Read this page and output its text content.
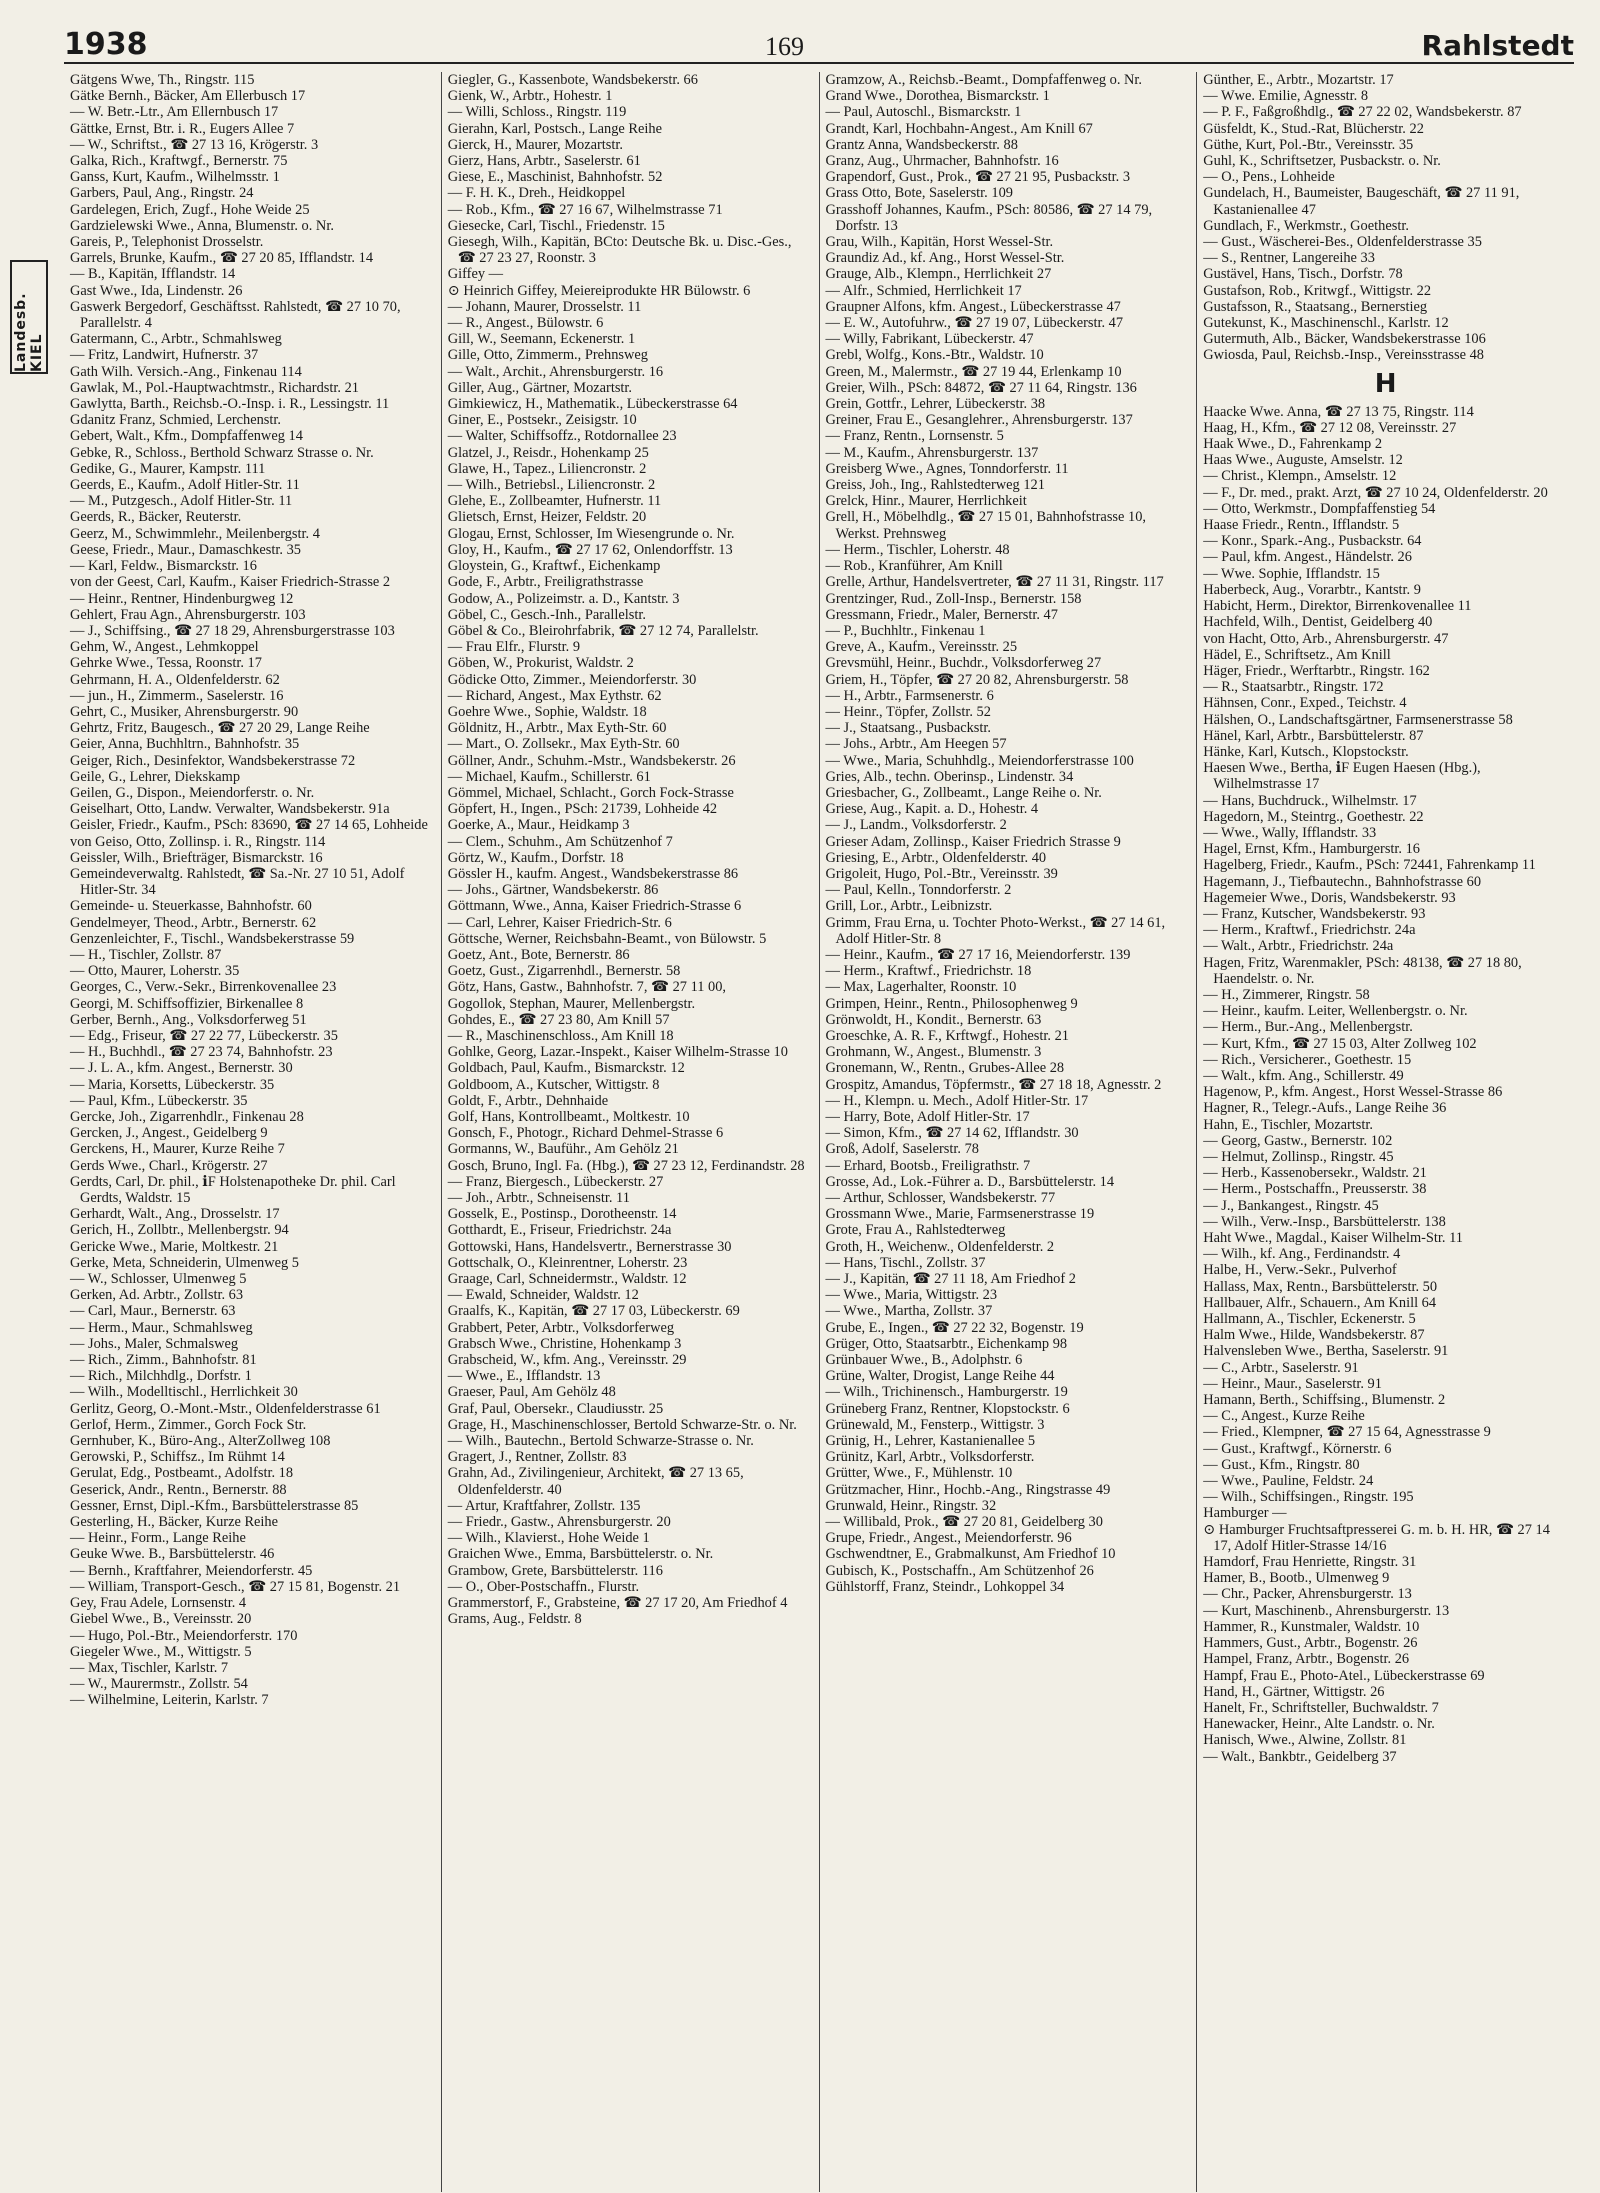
Landesb. KIEL
1938	169	Rahlstedt

Gätgens Wwe, Th., Ringstr. 115

Gätke Bernh., Bäcker, Am Ellerbusch 17

— W. Betr.-Ltr., Am Ellernbusch 17

Gättke, Ernst, Btr. i. R., Eugers Allee 7

— W., Schriftst., ☎ 27 13 16, Krögerstr. 3

Galka, Rich., Kraftwgf., Bernerstr. 75

Ganss, Kurt, Kaufm., Wilhelmsstr. 1

Garbers, Paul, Ang., Ringstr. 24

Gardelegen, Erich, Zugf., Hohe Weide 25

Gardzielewski Wwe., Anna, Blumenstr. o. Nr.

Gareis, P., Telephonist Drosselstr.

Garrels, Brunke, Kaufm., ☎ 27 20 85, Ifflandstr. 14

— B., Kapitän, Ifflandstr. 14

Gast Wwe., Ida, Lindenstr. 26

Gaswerk Bergedorf, Geschäftsst. Rahlstedt, ☎ 27 10 70, Parallelstr. 4

Gatermann, C., Arbtr., Schmahlsweg

— Fritz, Landwirt, Hufnerstr. 37

Gath Wilh. Versich.-Ang., Finkenau 114

Gawlak, M., Pol.-Hauptwachtmstr., Richardstr. 21

Gawlytta, Barth., Reichsb.-O.-Insp. i. R., Lessingstr. 11

Gdanitz Franz, Schmied, Lerchenstr.

Gebert, Walt., Kfm., Dompfaffenweg 14

Gebke, R., Schloss., Berthold Schwarz Strasse o. Nr.

Gedike, G., Maurer, Kampstr. 111

Geerds, E., Kaufm., Adolf Hitler-Str. 11

— M., Putzgesch., Adolf Hitler-Str. 11

Geerds, R., Bäcker, Reuterstr.

Geerz, M., Schwimmlehr., Meilenbergstr. 4

Geese, Friedr., Maur., Damaschkestr. 35

— Karl, Feldw., Bismarckstr. 16

von der Geest, Carl, Kaufm., Kaiser Friedrich-Strasse 2

— Heinr., Rentner, Hindenburgweg 12

Gehlert, Frau Agn., Ahrensburgerstr. 103

— J., Schiffsing., ☎ 27 18 29, Ahrensburgerstrasse 103

Gehm, W., Angest., Lehmkoppel

Gehrke Wwe., Tessa, Roonstr. 17

Gehrmann, H. A., Oldenfelderstr. 62

— jun., H., Zimmerm., Saselerstr. 16

Gehrt, C., Musiker, Ahrensburgerstr. 90

Gehrtz, Fritz, Baugesch., ☎ 27 20 29, Lange Reihe

Geier, Anna, Buchhltrn., Bahnhofstr. 35

Geiger, Rich., Desinfektor, Wandsbekerstrasse 72

Geile, G., Lehrer, Diekskamp

Geilen, G., Dispon., Meiendorferstr. o. Nr.

Geiselhart, Otto, Landw. Verwalter, Wandsbekerstr. 91a

Geisler, Friedr., Kaufm., PSch: 83690, ☎ 27 14 65, Lohheide

von Geiso, Otto, Zollinsp. i. R., Ringstr. 114

Geissler, Wilh., Briefträger, Bismarckstr. 16

Gemeindeverwaltg. Rahlstedt, ☎ Sa.-Nr. 27 10 51, Adolf Hitler-Str. 34

Gemeinde- u. Steuerkasse, Bahnhofstr. 60

Gendelmeyer, Theod., Arbtr., Bernerstr. 62

Genzenleichter, F., Tischl., Wandsbekerstrasse 59

— H., Tischler, Zollstr. 87

— Otto, Maurer, Loherstr. 35

Georges, C., Verw.-Sekr., Birrenkovenallee 23

Georgi, M. Schiffsoffizier, Birkenallee 8

Gerber, Bernh., Ang., Volksdorferweg 51

— Edg., Friseur, ☎ 27 22 77, Lübeckerstr. 35

— H., Buchhdl., ☎ 27 23 74, Bahnhofstr. 23

— J. L. A., kfm. Angest., Bernerstr. 30

— Maria, Korsetts, Lübeckerstr. 35

— Paul, Kfm., Lübeckerstr. 35

Gercke, Joh., Zigarrenhdlr., Finkenau 28

Gercken, J., Angest., Geidelberg 9

Gerckens, H., Maurer, Kurze Reihe 7

Gerds Wwe., Charl., Krögerstr. 27

Gerdts, Carl, Dr. phil., ℹF Holstenapotheke Dr. phil. Carl Gerdts, Waldstr. 15

Gerhardt, Walt., Ang., Drosselstr. 17

Gerich, H., Zollbtr., Mellenbergstr. 94

Gericke Wwe., Marie, Moltkestr. 21

Gerke, Meta, Schneiderin, Ulmenweg 5

— W., Schlosser, Ulmenweg 5

Gerken, Ad. Arbtr., Zollstr. 63

— Carl, Maur., Bernerstr. 63

— Herm., Maur., Schmahlsweg

— Johs., Maler, Schmalsweg

— Rich., Zimm., Bahnhofstr. 81

— Rich., Milchhdlg., Dorfstr. 1

— Wilh., Modelltischl., Herrlichkeit 30

Gerlitz, Georg, O.-Mont.-Mstr., Oldenfelderstrasse 61

Gerlof, Herm., Zimmer., Gorch Fock Str.

Gernhuber, K., Büro-Ang., AlterZollweg 108

Gerowski, P., Schiffsz., Im Rühmt 14

Gerulat, Edg., Postbeamt., Adolfstr. 18

Geserick, Andr., Rentn., Bernerstr. 88

Gessner, Ernst, Dipl.-Kfm., Barsbüttelerstrasse 85

Gesterling, H., Bäcker, Kurze Reihe

— Heinr., Form., Lange Reihe

Geuke Wwe. B., Barsbüttelerstr. 46

— Bernh., Kraftfahrer, Meiendorferstr. 45

— William, Transport-Gesch., ☎ 27 15 81, Bogenstr. 21

Gey, Frau Adele, Lornsenstr. 4

Giebel Wwe., B., Vereinsstr. 20

— Hugo, Pol.-Btr., Meiendorferstr. 170

Giegeler Wwe., M., Wittigstr. 5

— Max, Tischler, Karlstr. 7

— W., Maurermstr., Zollstr. 54

— Wilhelmine, Leiterin, Karlstr. 7

Giegler, G., Kassenbote, Wandsbekerstr. 66

Gienk, W., Arbtr., Hohestr. 1

— Willi, Schloss., Ringstr. 119

Gierahn, Karl, Postsch., Lange Reihe

Gierck, H., Maurer, Mozartstr.

Gierz, Hans, Arbtr., Saselerstr. 61

Giese, E., Maschinist, Bahnhofstr. 52

— F. H. K., Dreh., Heidkoppel

— Rob., Kfm., ☎ 27 16 67, Wilhelmstrasse 71

Giesecke, Carl, Tischl., Friedenstr. 15

Giesegh, Wilh., Kapitän, BCto: Deutsche Bk. u. Disc.-Ges., ☎ 27 23 27, Roonstr. 3

Giffey —

⊙ Heinrich Giffey, Meiereiprodukte HR Bülowstr. 6

— Johann, Maurer, Drosselstr. 11

— R., Angest., Bülowstr. 6

Gill, W., Seemann, Eckenerstr. 1

Gille, Otto, Zimmerm., Prehnsweg

— Walt., Archit., Ahrensburgerstr. 16

Giller, Aug., Gärtner, Mozartstr.

Gimkiewicz, H., Mathematik., Lübeckerstrasse 64

Giner, E., Postsekr., Zeisigstr. 10

— Walter, Schiffsoffz., Rotdornallee 23

Glatzel, J., Reisdr., Hohenkamp 25

Glawe, H., Tapez., Liliencronstr. 2

— Wilh., Betriebsl., Liliencronstr. 2

Glehe, E., Zollbeamter, Hufnerstr. 11

Glietsch, Ernst, Heizer, Feldstr. 20

Glogau, Ernst, Schlosser, Im Wiesengrunde o. Nr.

Gloy, H., Kaufm., ☎ 27 17 62, Onlendorffstr. 13

Gloystein, G., Kraftwf., Eichenkamp

Gode, F., Arbtr., Freiligrathstrasse

Godow, A., Polizeimstr. a. D., Kantstr. 3

Göbel, C., Gesch.-Inh., Parallelstr.

Göbel & Co., Bleirohrfabrik, ☎ 27 12 74, Parallelstr.

— Frau Elfr., Flurstr. 9

Göben, W., Prokurist, Waldstr. 2

Gödicke Otto, Zimmer., Meiendorferstr. 30

— Richard, Angest., Max Eythstr. 62

Goehre Wwe., Sophie, Waldstr. 18

Göldnitz, H., Arbtr., Max Eyth-Str. 60

— Mart., O. Zollsekr., Max Eyth-Str. 60

Göllner, Andr., Schuhm.-Mstr., Wandsbekerstr. 26

— Michael, Kaufm., Schillerstr. 61

Gömmel, Michael, Schlacht., Gorch Fock-Strasse

Göpfert, H., Ingen., PSch: 21739, Lohheide 42

Goerke, A., Maur., Heidkamp 3

— Clem., Schuhm., Am Schützenhof 7

Görtz, W., Kaufm., Dorfstr. 18

Gössler H., kaufm. Angest., Wandsbekerstrasse 86

— Johs., Gärtner, Wandsbekerstr. 86

Göttmann, Wwe., Anna, Kaiser Friedrich-Strasse 6

— Carl, Lehrer, Kaiser Friedrich-Str. 6

Göttsche, Werner, Reichsbahn-Beamt., von Bülowstr. 5

Goetz, Ant., Bote, Bernerstr. 86

Goetz, Gust., Zigarrenhdl., Bernerstr. 58

Götz, Hans, Gastw., Bahnhofstr. 7, ☎ 27 11 00,

Gogollok, Stephan, Maurer, Mellenbergstr.

Gohdes, E., ☎ 27 23 80, Am Knill 57

— R., Maschinenschloss., Am Knill 18

Gohlke, Georg, Lazar.-Inspekt., Kaiser Wilhelm-Strasse 10

Goldbach, Paul, Kaufm., Bismarckstr. 12

Goldboom, A., Kutscher, Wittigstr. 8

Goldt, F., Arbtr., Dehnhaide

Golf, Hans, Kontrollbeamt., Moltkestr. 10

Gonsch, F., Photogr., Richard Dehmel-Strasse 6

Gormanns, W., Bauführ., Am Gehölz 21

Gosch, Bruno, Ingl. Fa. (Hbg.), ☎ 27 23 12, Ferdinandstr. 28

— Franz, Biergesch., Lübeckerstr. 27

— Joh., Arbtr., Schneisenstr. 11

Gosselk, E., Postinsp., Dorotheenstr. 14

Gotthardt, E., Friseur, Friedrichstr. 24a

Gottowski, Hans, Handelsvertr., Bernerstrasse 30

Gottschalk, O., Kleinrentner, Loherstr. 23

Graage, Carl, Schneidermstr., Waldstr. 12

— Ewald, Schneider, Waldstr. 12

Graalfs, K., Kapitän, ☎ 27 17 03, Lübeckerstr. 69

Grabbert, Peter, Arbtr., Volksdorferweg

Grabsch Wwe., Christine, Hohenkamp 3

Grabscheid, W., kfm. Ang., Vereinsstr. 29

— Wwe., E., Ifflandstr. 13

Graeser, Paul, Am Gehölz 48

Graf, Paul, Obersekr., Claudiusstr. 25

Grage, H., Maschinenschlosser, Bertold Schwarze-Str. o. Nr.

— Wilh., Bautechn., Bertold Schwarze-Strasse o. Nr.

Gragert, J., Rentner, Zollstr. 83

Grahn, Ad., Zivilingenieur, Architekt, ☎ 27 13 65, Oldenfelderstr. 40

— Artur, Kraftfahrer, Zollstr. 135

— Friedr., Gastw., Ahrensburgerstr. 20

— Wilh., Klavierst., Hohe Weide 1

Graichen Wwe., Emma, Barsbüttelerstr. o. Nr.

Grambow, Grete, Barsbüttelerstr. 116

— O., Ober-Postschaffn., Flurstr.

Grammerstorf, F., Grabsteine, ☎ 27 17 20, Am Friedhof 4

Grams, Aug., Feldstr. 8

Gramzow, A., Reichsb.-Beamt., Dompfaffenweg o. Nr.

Grand Wwe., Dorothea, Bismarckstr. 1

— Paul, Autoschl., Bismarckstr. 1

Grandt, Karl, Hochbahn-Angest., Am Knill 67

Grantz Anna, Wandsbeckerstr. 88

Granz, Aug., Uhrmacher, Bahnhofstr. 16

Grapendorf, Gust., Prok., ☎ 27 21 95, Pusbackstr. 3

Grass Otto, Bote, Saselerstr. 109

Grasshoff Johannes, Kaufm., PSch: 80586, ☎ 27 14 79, Dorfstr. 13

Grau, Wilh., Kapitän, Horst Wessel-Str.

Graundiz Ad., kf. Ang., Horst Wessel-Str.

Grauge, Alb., Klempn., Herrlichkeit 27

— Alfr., Schmied, Herrlichkeit 17

Graupner Alfons, kfm. Angest., Lübeckerstrasse 47

— E. W., Autofuhrw., ☎ 27 19 07, Lübeckerstr. 47

— Willy, Fabrikant, Lübeckerstr. 47

Grebl, Wolfg., Kons.-Btr., Waldstr. 10

Green, M., Malermstr., ☎ 27 19 44, Erlenkamp 10

Greier, Wilh., PSch: 84872, ☎ 27 11 64, Ringstr. 136

Grein, Gottfr., Lehrer, Lübeckerstr. 38

Greiner, Frau E., Gesanglehrer., Ahrensburgerstr. 137

— Franz, Rentn., Lornsenstr. 5

— M., Kaufm., Ahrensburgerstr. 137

Greisberg Wwe., Agnes, Tonndorferstr. 11

Greiss, Joh., Ing., Rahlstedterweg 121

Grelck, Hinr., Maurer, Herrlichkeit

Grell, H., Möbelhdlg., ☎ 27 15 01, Bahnhofstrasse 10, Werkst. Prehnsweg

— Herm., Tischler, Loherstr. 48

— Rob., Kranführer, Am Knill

Grelle, Arthur, Handelsvertreter, ☎ 27 11 31, Ringstr. 117

Grentzinger, Rud., Zoll-Insp., Bernerstr. 158

Gressmann, Friedr., Maler, Bernerstr. 47

— P., Buchhltr., Finkenau 1

Greve, A., Kaufm., Vereinsstr. 25

Grevsmühl, Heinr., Buchdr., Volksdorferweg 27

Griem, H., Töpfer, ☎ 27 20 82, Ahrensburgerstr. 58

— H., Arbtr., Farmsenerstr. 6

— Heinr., Töpfer, Zollstr. 52

— J., Staatsang., Pusbackstr.

— Johs., Arbtr., Am Heegen 57

— Wwe., Maria, Schuhhdlg., Meiendorferstrasse 100

Gries, Alb., techn. Oberinsp., Lindenstr. 34

Griesbacher, G., Zollbeamt., Lange Reihe o. Nr.

Griese, Aug., Kapit. a. D., Hohestr. 4

— J., Landm., Volksdorferstr. 2

Grieser Adam, Zollinsp., Kaiser Friedrich Strasse 9

Griesing, E., Arbtr., Oldenfelderstr. 40

Grigoleit, Hugo, Pol.-Btr., Vereinsstr. 39

— Paul, Kelln., Tonndorferstr. 2

Grill, Lor., Arbtr., Leibnizstr.

Grimm, Frau Erna, u. Tochter Photo-Werkst., ☎ 27 14 61, Adolf Hitler-Str. 8

— Heinr., Kaufm., ☎ 27 17 16, Meiendorferstr. 139

— Herm., Kraftwf., Friedrichstr. 18

— Max, Lagerhalter, Roonstr. 10

Grimpen, Heinr., Rentn., Philosophenweg 9

Grönwoldt, H., Kondit., Bernerstr. 63

Groeschke, A. R. F., Krftwgf., Hohestr. 21

Grohmann, W., Angest., Blumenstr. 3

Gronemann, W., Rentn., Grubes-Allee 28

Grospitz, Amandus, Töpfermstr., ☎ 27 18 18, Agnesstr. 2

— H., Klempn. u. Mech., Adolf Hitler-Str. 17

— Harry, Bote, Adolf Hitler-Str. 17

— Simon, Kfm., ☎ 27 14 62, Ifflandstr. 30

Groß, Adolf, Saselerstr. 78

— Erhard, Bootsb., Freiligrathstr. 7

Grosse, Ad., Lok.-Führer a. D., Barsbüttelerstr. 14

— Arthur, Schlosser, Wandsbekerstr. 77

Grossmann Wwe., Marie, Farmsenerstrasse 19

Grote, Frau A., Rahlstedterweg

Groth, H., Weichenw., Oldenfelderstr. 2

— Hans, Tischl., Zollstr. 37

— J., Kapitän, ☎ 27 11 18, Am Friedhof 2

— Wwe., Maria, Wittigstr. 23

— Wwe., Martha, Zollstr. 37

Grube, E., Ingen., ☎ 27 22 32, Bogenstr. 19

Grüger, Otto, Staatsarbtr., Eichenkamp 98

Grünbauer Wwe., B., Adolphstr. 6

Grüne, Walter, Drogist, Lange Reihe 44

— Wilh., Trichinensch., Hamburgerstr. 19

Grüneberg Franz, Rentner, Klopstockstr. 6

Grünewald, M., Fensterp., Wittigstr. 3

Grünig, H., Lehrer, Kastanienallee 5

Grünitz, Karl, Arbtr., Volksdorferstr.

Grütter, Wwe., F., Mühlenstr. 10

Grützmacher, Hinr., Hochb.-Ang., Ringstrasse 49

Grunwald, Heinr., Ringstr. 32

— Willibald, Prok., ☎ 27 20 81, Geidelberg 30

Grupe, Friedr., Angest., Meiendorferstr. 96

Gschwendtner, E., Grabmalkunst, Am Friedhof 10

Gubisch, K., Postschaffn., Am Schützenhof 26

Gühlstorff, Franz, Steindr., Lohkoppel 34

Günther, E., Arbtr., Mozartstr. 17

— Wwe. Emilie, Agnesstr. 8

— P. F., Faßgroßhdlg., ☎ 27 22 02, Wandsbekerstr. 87

Güsfeldt, K., Stud.-Rat, Blücherstr. 22

Güthe, Kurt, Pol.-Btr., Vereinsstr. 35

Guhl, K., Schriftsetzer, Pusbackstr. o. Nr.

— O., Pens., Lohheide

Gundelach, H., Baumeister, Baugeschäft, ☎ 27 11 91, Kastanienallee 47

Gundlach, F., Werkmstr., Goethestr.

— Gust., Wäscherei-Bes., Oldenfelderstrasse 35

— S., Rentner, Langereihe 33

Gustävel, Hans, Tisch., Dorfstr. 78

Gustafson, Rob., Kritwgf., Wittigstr. 22

Gustafsson, R., Staatsang., Bernerstieg

Gutekunst, K., Maschinenschl., Karlstr. 12

Gutermuth, Alb., Bäcker, Wandsbekerstrasse 106

Gwiosda, Paul, Reichsb.-Insp., Vereinsstrasse 48

H

Haacke Wwe. Anna, ☎ 27 13 75, Ringstr. 114

Haag, H., Kfm., ☎ 27 12 08, Vereinsstr. 27

Haak Wwe., D., Fahrenkamp 2

Haas Wwe., Auguste, Amselstr. 12

— Christ., Klempn., Amselstr. 12

— F., Dr. med., prakt. Arzt, ☎ 27 10 24, Oldenfelderstr. 20

— Otto, Werkmstr., Dompfaffenstieg 54

Haase Friedr., Rentn., Ifflandstr. 5

— Konr., Spark.-Ang., Pusbackstr. 64

— Paul, kfm. Angest., Händelstr. 26

— Wwe. Sophie, Ifflandstr. 15

Haberbeck, Aug., Vorarbtr., Kantstr. 9

Habicht, Herm., Direktor, Birrenkovenallee 11

Hachfeld, Wilh., Dentist, Geidelberg 40

von Hacht, Otto, Arb., Ahrensburgerstr. 47

Hädel, E., Schriftsetz., Am Knill

Häger, Friedr., Werftarbtr., Ringstr. 162

— R., Staatsarbtr., Ringstr. 172

Hähnsen, Conr., Exped., Teichstr. 4

Hälshen, O., Landschaftsgärtner, Farmsenerstrasse 58

Hänel, Karl, Arbtr., Barsbüttelerstr. 87

Hänke, Karl, Kutsch., Klopstockstr.

Haesen Wwe., Bertha, ℹF Eugen Haesen (Hbg.), Wilhelmstrasse 17

— Hans, Buchdruck., Wilhelmstr. 17

Hagedorn, M., Steintrg., Goethestr. 22

— Wwe., Wally, Ifflandstr. 33

Hagel, Ernst, Kfm., Hamburgerstr. 16

Hagelberg, Friedr., Kaufm., PSch: 72441, Fahrenkamp 11

Hagemann, J., Tiefbautechn., Bahnhofstrasse 60

Hagemeier Wwe., Doris, Wandsbekerstr. 93

— Franz, Kutscher, Wandsbekerstr. 93

— Herm., Kraftwf., Friedrichstr. 24a

— Walt., Arbtr., Friedrichstr. 24a

Hagen, Fritz, Warenmakler, PSch: 48138, ☎ 27 18 80, Haendelstr. o. Nr.

— H., Zimmerer, Ringstr. 58

— Heinr., kaufm. Leiter, Wellenbergstr. o. Nr.

— Herm., Bur.-Ang., Mellenbergstr.

— Kurt, Kfm., ☎ 27 15 03, Alter Zollweg 102

— Rich., Versicherer., Goethestr. 15

— Walt., kfm. Ang., Schillerstr. 49

Hagenow, P., kfm. Angest., Horst Wessel-Strasse 86

Hagner, R., Telegr.-Aufs., Lange Reihe 36

Hahn, E., Tischler, Mozartstr.

— Georg, Gastw., Bernerstr. 102

— Helmut, Zollinsp., Ringstr. 45

— Herb., Kassenobersekr., Waldstr. 21

— Herm., Postschaffn., Preusserstr. 38

— J., Bankangest., Ringstr. 45

— Wilh., Verw.-Insp., Barsbüttelerstr. 138

Haht Wwe., Magdal., Kaiser Wilhelm-Str. 11

— Wilh., kf. Ang., Ferdinandstr. 4

Halbe, H., Verw.-Sekr., Pulverhof

Hallass, Max, Rentn., Barsbüttelerstr. 50

Hallbauer, Alfr., Schauern., Am Knill 64

Hallmann, A., Tischler, Eckenerstr. 5

Halm Wwe., Hilde, Wandsbekerstr. 87

Halvensleben Wwe., Bertha, Saselerstr. 91

— C., Arbtr., Saselerstr. 91

— Heinr., Maur., Saselerstr. 91

Hamann, Berth., Schiffsing., Blumenstr. 2

— C., Angest., Kurze Reihe

— Fried., Klempner, ☎ 27 15 64, Agnesstrasse 9

— Gust., Kraftwgf., Körnerstr. 6

— Gust., Kfm., Ringstr. 80

— Wwe., Pauline, Feldstr. 24

— Wilh., Schiffsingen., Ringstr. 195

Hamburger —

⊙ Hamburger Fruchtsaftpresserei G. m. b. H. HR, ☎ 27 14 17, Adolf Hitler-Strasse 14/16

Hamdorf, Frau Henriette, Ringstr. 31

Hamer, B., Bootb., Ulmenweg 9

— Chr., Packer, Ahrensburgerstr. 13

— Kurt, Maschinenb., Ahrensburgerstr. 13

Hammer, R., Kunstmaler, Waldstr. 10

Hammers, Gust., Arbtr., Bogenstr. 26

Hampel, Franz, Arbtr., Bogenstr. 26

Hampf, Frau E., Photo-Atel., Lübeckerstrasse 69

Hand, H., Gärtner, Wittigstr. 26

Hanelt, Fr., Schriftsteller, Buchwaldstr. 7

Hanewacker, Heinr., Alte Landstr. o. Nr.

Hanisch, Wwe., Alwine, Zollstr. 81

— Walt., Bankbtr., Geidelberg 37
